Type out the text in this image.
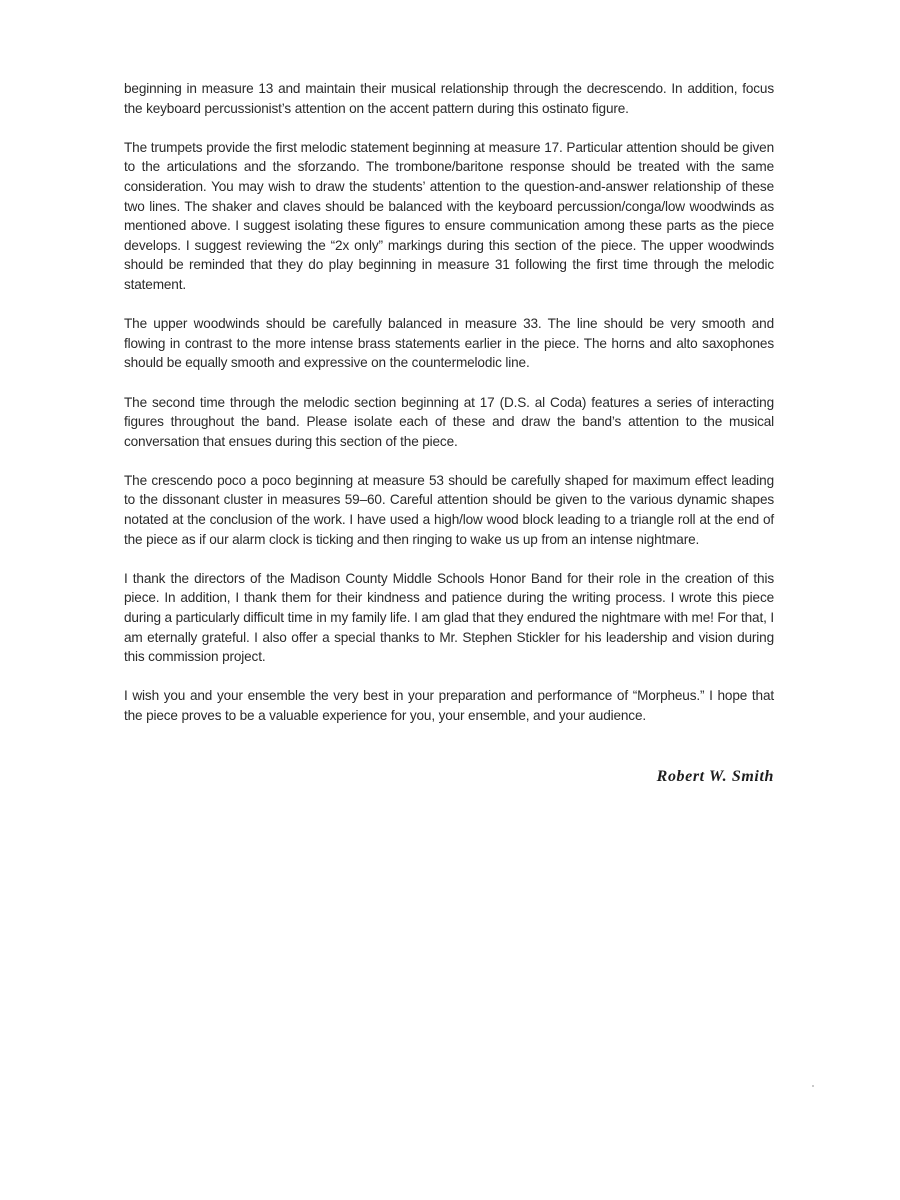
beginning in measure 13 and maintain their musical relationship through the decrescendo. In addition, focus the keyboard percussionist’s attention on the accent pattern during this ostinato figure.

The trumpets provide the first melodic statement beginning at measure 17. Particular attention should be given to the articulations and the sforzando. The trombone/baritone response should be treated with the same consideration. You may wish to draw the students’ attention to the question-and-answer relationship of these two lines. The shaker and claves should be balanced with the keyboard percussion/conga/low woodwinds as mentioned above. I suggest isolating these figures to ensure communication among these parts as the piece develops. I suggest reviewing the “2x only” markings during this section of the piece. The upper woodwinds should be reminded that they do play beginning in measure 31 following the first time through the melodic statement.

The upper woodwinds should be carefully balanced in measure 33. The line should be very smooth and flowing in contrast to the more intense brass statements earlier in the piece. The horns and alto saxophones should be equally smooth and expressive on the countermelodic line.

The second time through the melodic section beginning at 17 (D.S. al Coda) features a series of interacting figures throughout the band. Please isolate each of these and draw the band’s attention to the musical conversation that ensues during this section of the piece.

The crescendo poco a poco beginning at measure 53 should be carefully shaped for maximum effect leading to the dissonant cluster in measures 59–60. Careful attention should be given to the various dynamic shapes notated at the conclusion of the work. I have used a high/low wood block leading to a triangle roll at the end of the piece as if our alarm clock is ticking and then ringing to wake us up from an intense nightmare.

I thank the directors of the Madison County Middle Schools Honor Band for their role in the creation of this piece. In addition, I thank them for their kindness and patience during the writing process. I wrote this piece during a particularly difficult time in my family life. I am glad that they endured the nightmare with me! For that, I am eternally grateful. I also offer a special thanks to Mr. Stephen Stickler for his leadership and vision during this commission project.

I wish you and your ensemble the very best in your preparation and performance of “Morpheus.” I hope that the piece proves to be a valuable experience for you, your ensemble, and your audience.

Robert W. Smith
